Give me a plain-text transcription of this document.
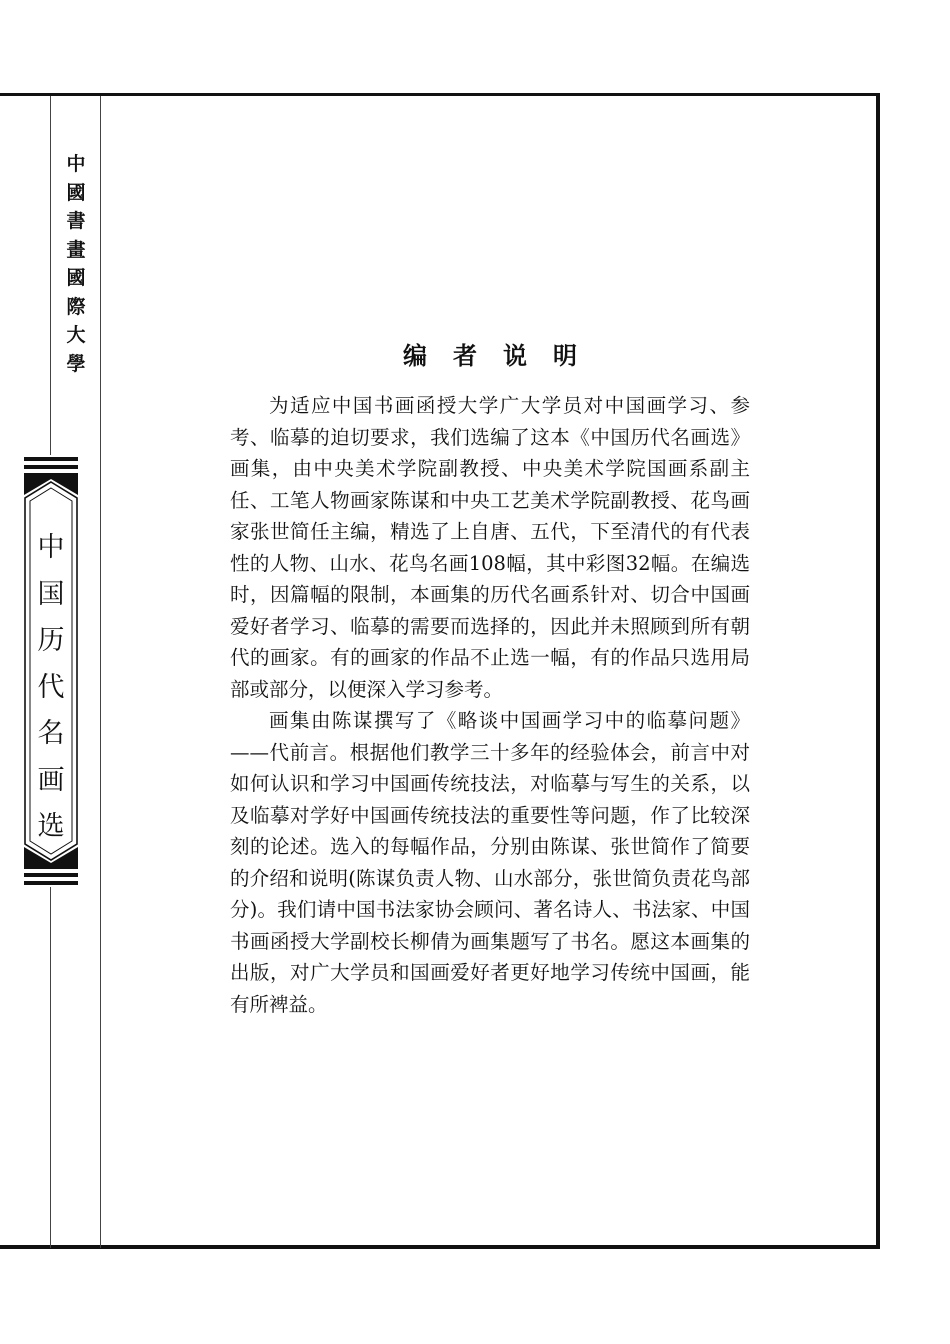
中
國
書
畫
國
際
大
學
中
国
历
代
名
画
选
编者说明

为适应中国书画函授大学广大学员对中国画学习、参考、临摹的迫切要求，我们选编了这本《中国历代名画选》画集，由中央美术学院副教授、中央美术学院国画系副主任、工笔人物画家陈谋和中央工艺美术学院副教授、花鸟画家张世简任主编，精选了上自唐、五代，下至清代的有代表性的人物、山水、花鸟名画108幅，其中彩图32幅。在编选时，因篇幅的限制，本画集的历代名画系针对、切合中国画爱好者学习、临摹的需要而选择的，因此并未照顾到所有朝代的画家。有的画家的作品不止选一幅，有的作品只选用局部或部分，以便深入学习参考。

画集由陈谋撰写了《略谈中国画学习中的临摹问题》——代前言。根据他们教学三十多年的经验体会，前言中对如何认识和学习中国画传统技法，对临摹与写生的关系，以及临摹对学好中国画传统技法的重要性等问题，作了比较深刻的论述。选入的每幅作品，分别由陈谋、张世简作了简要的介绍和说明(陈谋负责人物、山水部分，张世简负责花鸟部分)。我们请中国书法家协会顾问、著名诗人、书法家、中国书画函授大学副校长柳倩为画集题写了书名。愿这本画集的出版，对广大学员和国画爱好者更好地学习传统中国画，能有所裨益。
